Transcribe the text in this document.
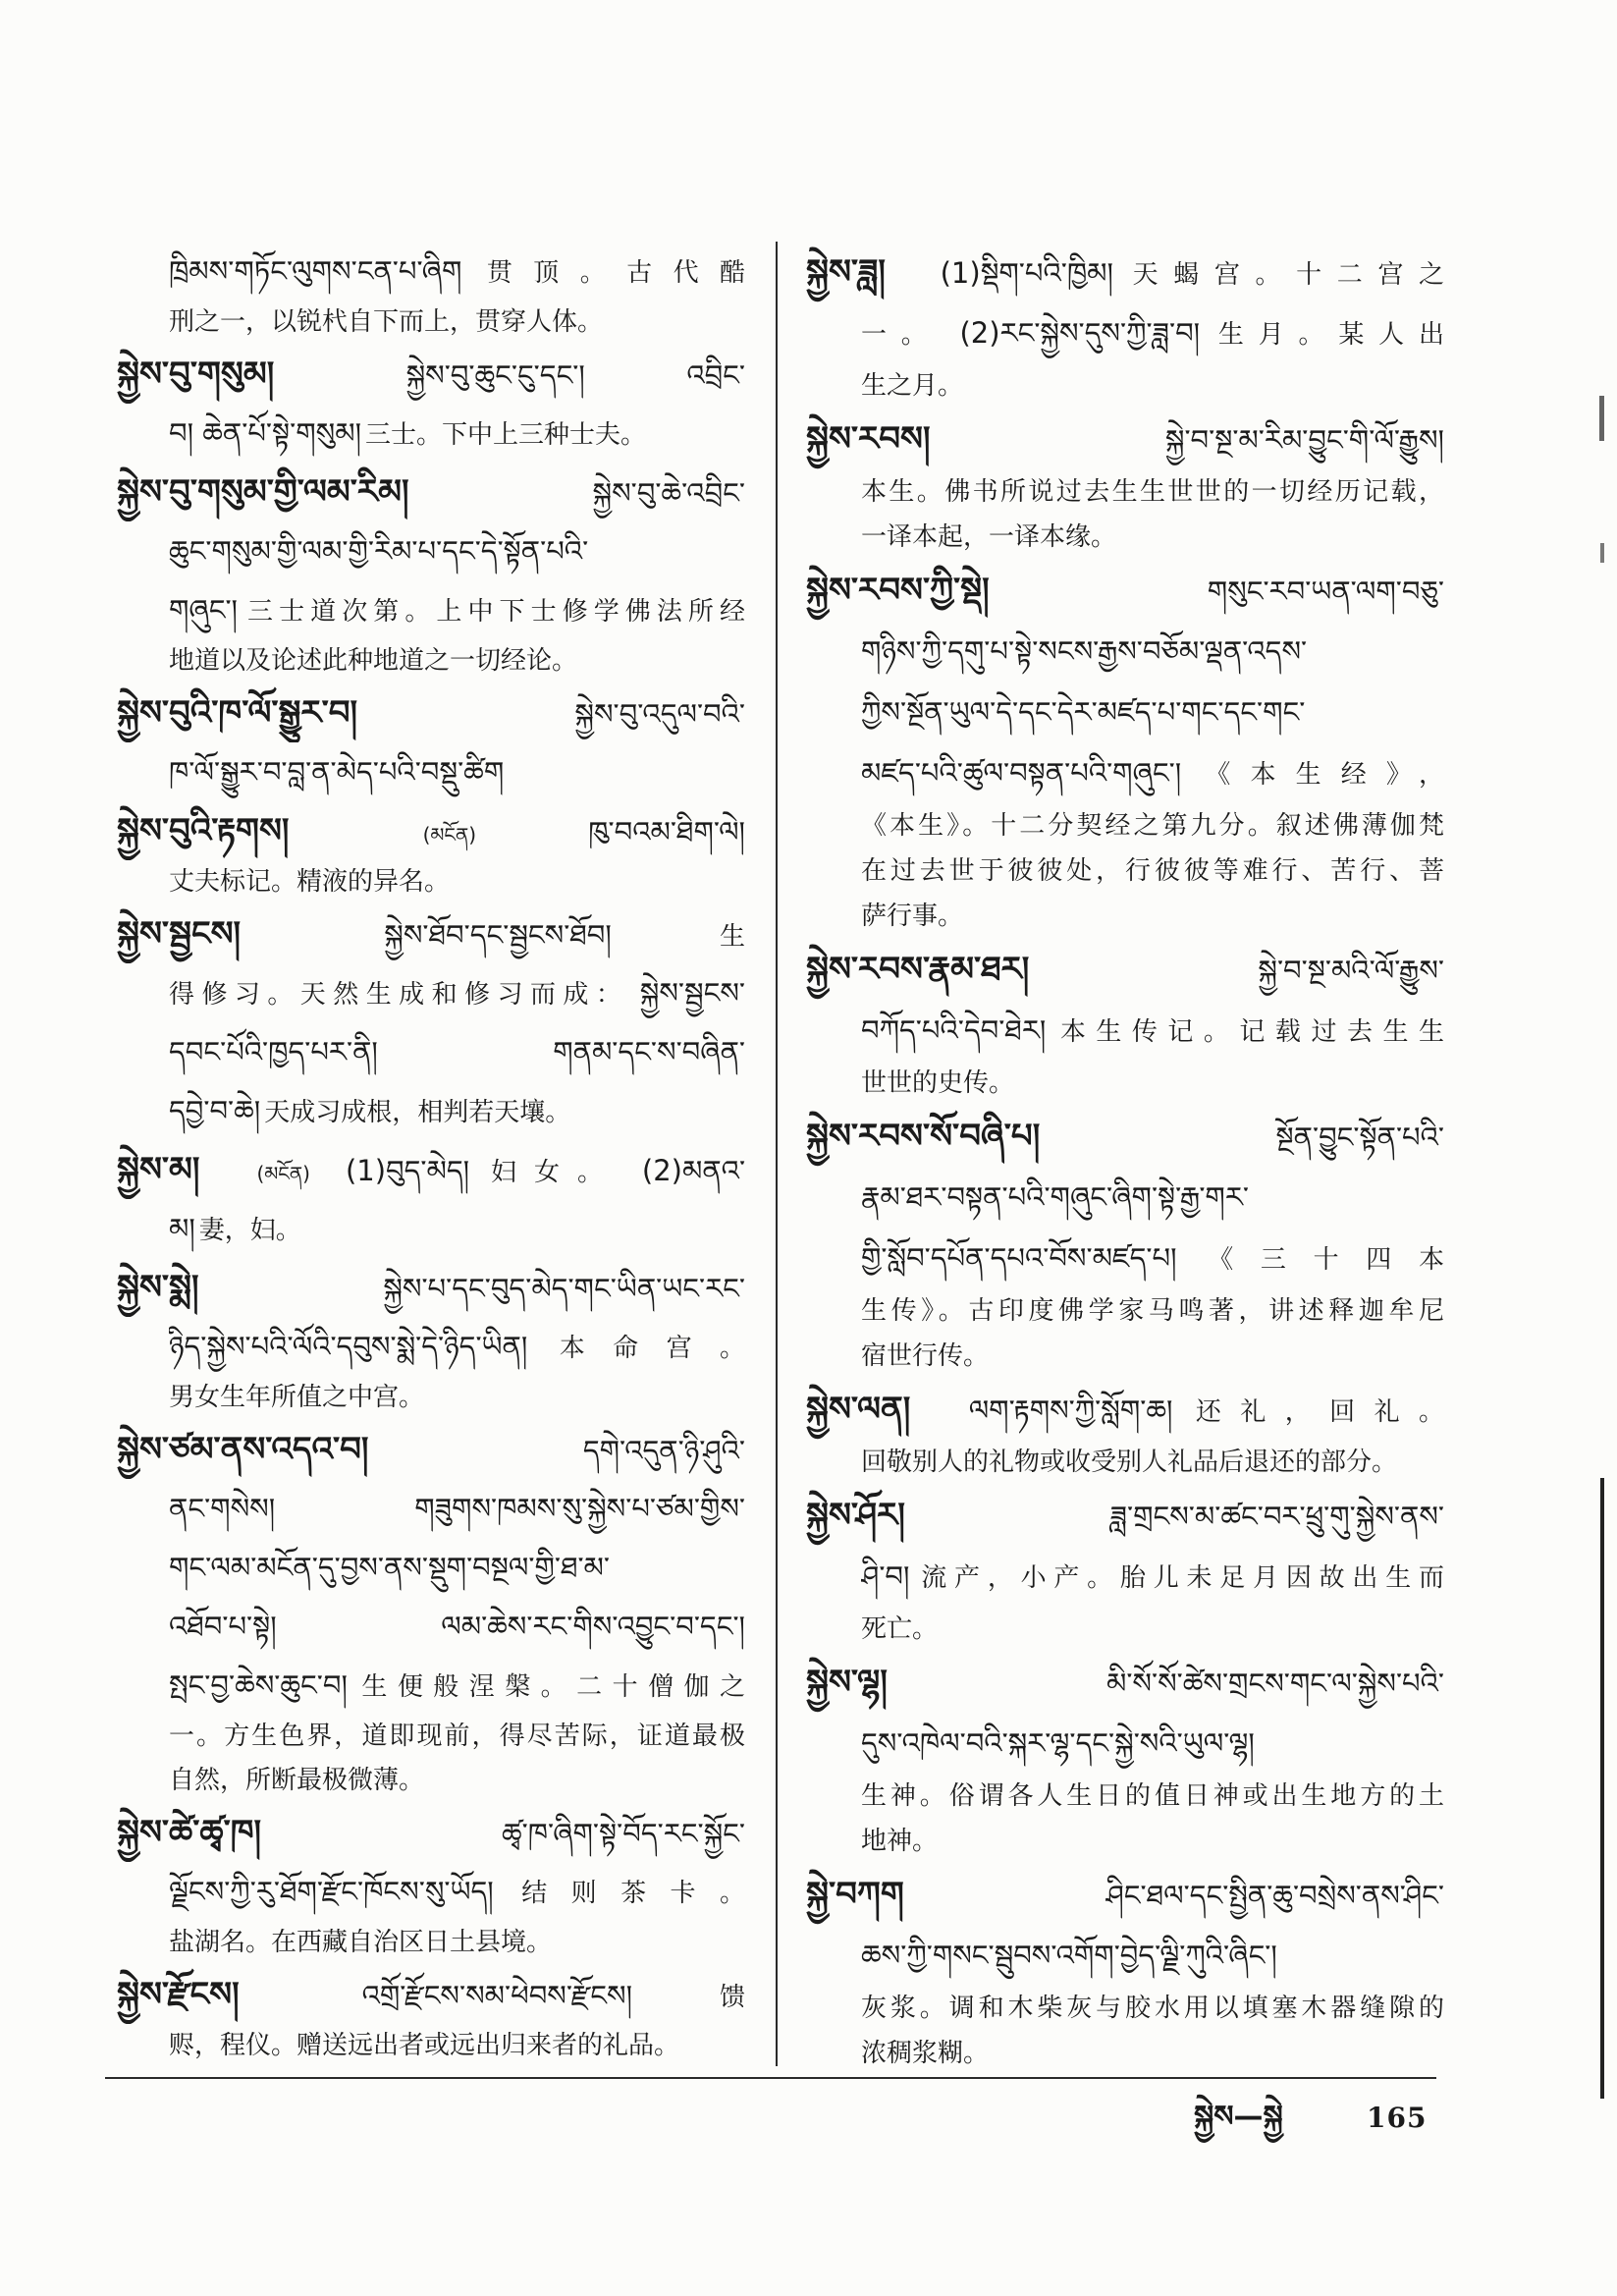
ཁྲིམས་གཏོང་ལུགས་ངན་པ་ཞིག 贯顶。古代酷
刑之一，以锐杙自下而上，贯穿人体。
སྐྱེས་བུ་གསུམ།	སྐྱེས་བུ་ཆུང་ངུ་དང་། འབྲིང་
བ། ཆེན་པོ་སྟེ་གསུམ། 三士。下中上三种士夫。
སྐྱེས་བུ་གསུམ་གྱི་ལམ་རིམ།	སྐྱེས་བུ་ཆེ་འབྲིང་
ཆུང་གསུམ་གྱི་ལམ་གྱི་རིམ་པ་དང་དེ་སྟོན་པའི་
གཞུང་། 三士道次第。上中下士修学佛法所经
地道以及论述此种地道之一切经论。
སྐྱེས་བུའི་ཁ་ལོ་སྒྱུར་བ།	སྐྱེས་བུ་འདུལ་བའི་
ཁ་ལོ་སྒྱུར་བ་བླ་ན་མེད་པའི་བསྡུ་ཚིག
སྐྱེས་བུའི་རྟགས།	(མངོན)	ཁུ་བའམ་ཐིག་ལེ།
丈夫标记。精液的异名。
སྐྱེས་སྦྱངས།	སྐྱེས་ཐོབ་དང་སྦྱངས་ཐོབ།	生
得修习。天然生成和修习而成： སྐྱེས་སྦྱངས་
དབང་པོའི་ཁྱད་པར་ནི།	གནམ་དང་ས་བཞིན་
དབྱེ་བ་ཆེ། 天成习成根，相判若天壤。
སྐྱེས་མ།	(མངོན) (1)བུད་མེད། 妇女。 (2)མནའ་
མ། 妻，妇。
སྐྱེས་སྨེ།	སྐྱེས་པ་དང་བུད་མེད་གང་ཡིན་ཡང་རང་
ཉིད་སྐྱེས་པའི་ལོའི་དབུས་སྨེ་དེ་ཉིད་ཡིན། 本命宫。
男女生年所值之中宫。
སྐྱེས་ཙམ་ནས་འདའ་བ།	དགེ་འདུན་ཉི་ཤུའི་
ནང་གསེས། གཟུགས་ཁམས་སུ་སྐྱེས་པ་ཙམ་གྱིས་
གང་ལམ་མངོན་དུ་བྱས་ནས་སྡུག་བསྔལ་གྱི་ཐ་མ་
འཐོབ་པ་སྟེ། ལམ་ཆེས་རང་གིས་འབྱུང་བ་དང་།
སྤང་བྱ་ཆེས་ཆུང་བ། 生便般涅槃。二十僧伽之
一。方生色界，道即现前，得尽苦际，证道最极
自然，所断最极微薄。
སྐྱེས་ཚེ་ཚྭ་ཁ།	ཚྭ་ཁ་ཞིག་སྟེ་བོད་རང་སྐྱོང་
ལྗོངས་ཀྱི་རུ་ཐོག་རྫོང་ཁོངས་སུ་ཡོད། 结则茶卡。
盐湖名。在西藏自治区日土县境。
སྐྱེས་རྫོངས།	འགྲོ་རྫོངས་སམ་ཕེབས་རྫོངས།	馈
赆，程仪。赠送远出者或远出归来者的礼品。
སྐྱེས་ཟླ། (1)སྡིག་པའི་ཁྱིམ། 天蝎宫。十二宫之
一。 (2)རང་སྐྱེས་དུས་ཀྱི་ཟླ་བ། 生月。某人出
生之月。
སྐྱེས་རབས།	སྐྱེ་བ་སྔ་མ་རིམ་བྱུང་གི་ལོ་རྒྱུས།
本生。佛书所说过去生生世世的一切经历记载，
一译本起，一译本缘。
སྐྱེས་རབས་ཀྱི་སྡེ།	གསུང་རབ་ཡན་ལག་བཅུ་
གཉིས་ཀྱི་དགུ་པ་སྟེ་སངས་རྒྱས་བཅོམ་ལྡན་འདས་
ཀྱིས་སྔོན་ཡུལ་དེ་དང་དེར་མཛད་པ་གང་དང་གང་
མཛད་པའི་ཚུལ་བསྟན་པའི་གཞུང་། 《本生经》，
《本生》。十二分契经之第九分。叙述佛薄伽梵
在过去世于彼彼处，行彼彼等难行、苦行、菩
萨行事。
སྐྱེས་རབས་རྣམ་ཐར།	སྐྱེ་བ་སྔ་མའི་ལོ་རྒྱུས་
བཀོད་པའི་དེབ་ཐེར། 本生传记。记载过去生生
世世的史传。
སྐྱེས་རབས་སོ་བཞི་པ།	སྔོན་བྱུང་སྟོན་པའི་
རྣམ་ཐར་བསྟན་པའི་གཞུང་ཞིག་སྟེ་རྒྱ་གར་
གྱི་སློབ་དཔོན་དཔའ་བོས་མཛད་པ། 《三十四本
生传》。古印度佛学家马鸣著，讲述释迦牟尼
宿世行传。
སྐྱེས་ལན། ལག་རྟགས་ཀྱི་སློག་ཆ། 还礼，回礼。
回敬别人的礼物或收受别人礼品后退还的部分。
སྐྱེས་ཤོར།	ཟླ་གྲངས་མ་ཚང་བར་ཕྲུ་གུ་སྐྱེས་ནས་
ཤི་བ། 流产，小产。胎儿未足月因故出生而
死亡。
སྐྱེས་ལྷ།	མི་སོ་སོ་ཚེས་གྲངས་གང་ལ་སྐྱེས་པའི་
དུས་འཁེལ་བའི་སྐར་ལྷ་དང་སྐྱེ་སའི་ཡུལ་ལྷ།
生神。俗谓各人生日的值日神或出生地方的土
地神。
སྐྱེ་བཀག	ཤིང་ཐལ་དང་སྤྱིན་ཆུ་བསྲེས་ནས་ཤིང་
ཆས་ཀྱི་གསང་སྦུབས་འགོག་བྱེད་ལྗི་ཀུའི་ཞིང་།
灰浆。调和木柴灰与胶水用以填塞木器缝隙的
浓稠浆糊。
སྐྱེས—སྐྱེ	165
